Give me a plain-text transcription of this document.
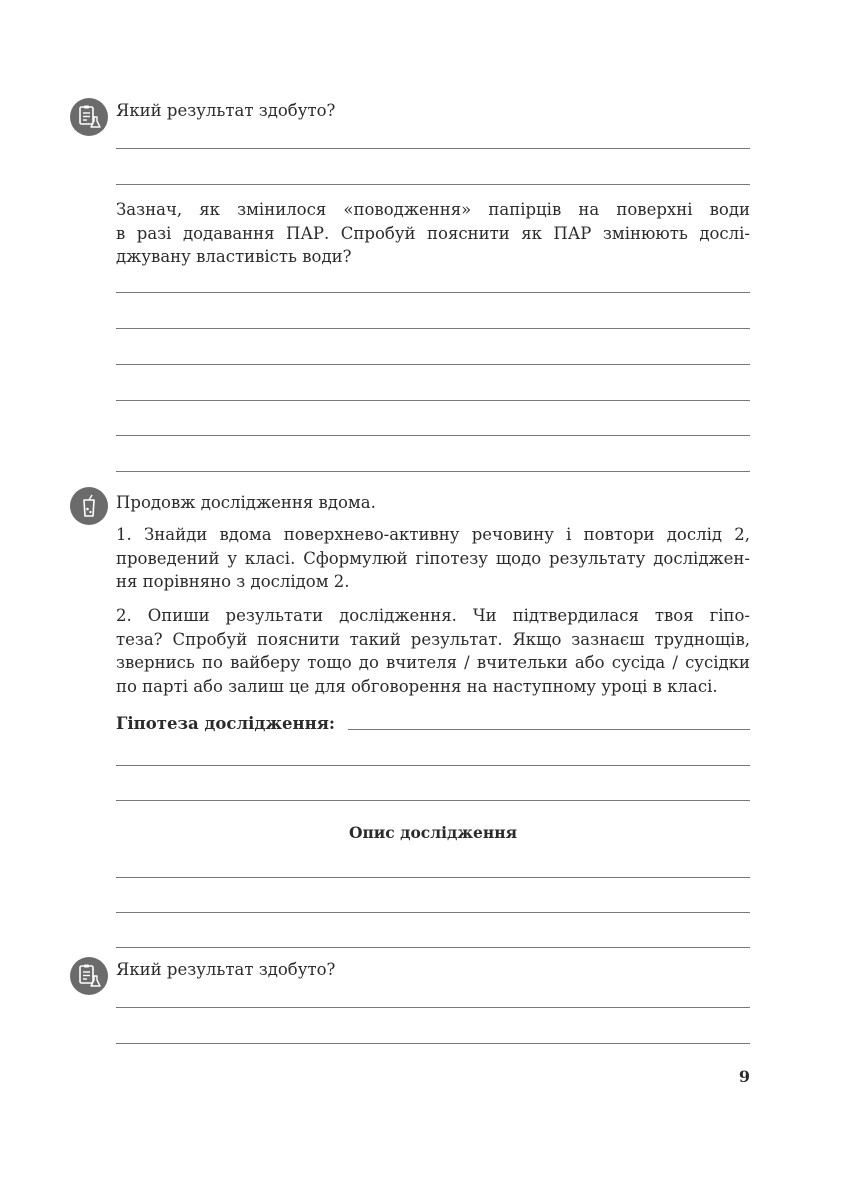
Який результат здобуто?
Зазнач, як змінилося «поводження» папірців на поверхні води
в разі додавання ПАР. Спробуй пояснити як ПАР змінюють дослі-
джувану властивість води?
Продовж дослідження вдома.
1. Знайди вдома поверхнево-активну речовину і повтори дослід 2,
проведений у класі. Сформулюй гіпотезу щодо результату досліджен-
ня порівняно з дослідом 2.
2. Опиши результати дослідження. Чи підтвердилася твоя гіпо-
теза? Спробуй пояснити такий результат. Якщо зазнаєш труднощів,
звернись по вайберу тощо до вчителя / вчительки або сусіда / сусідки
по парті або залиш це для обговорення на наступному уроці в класі.
Гіпотеза дослідження:
Опис дослідження
Який результат здобуто?
9
